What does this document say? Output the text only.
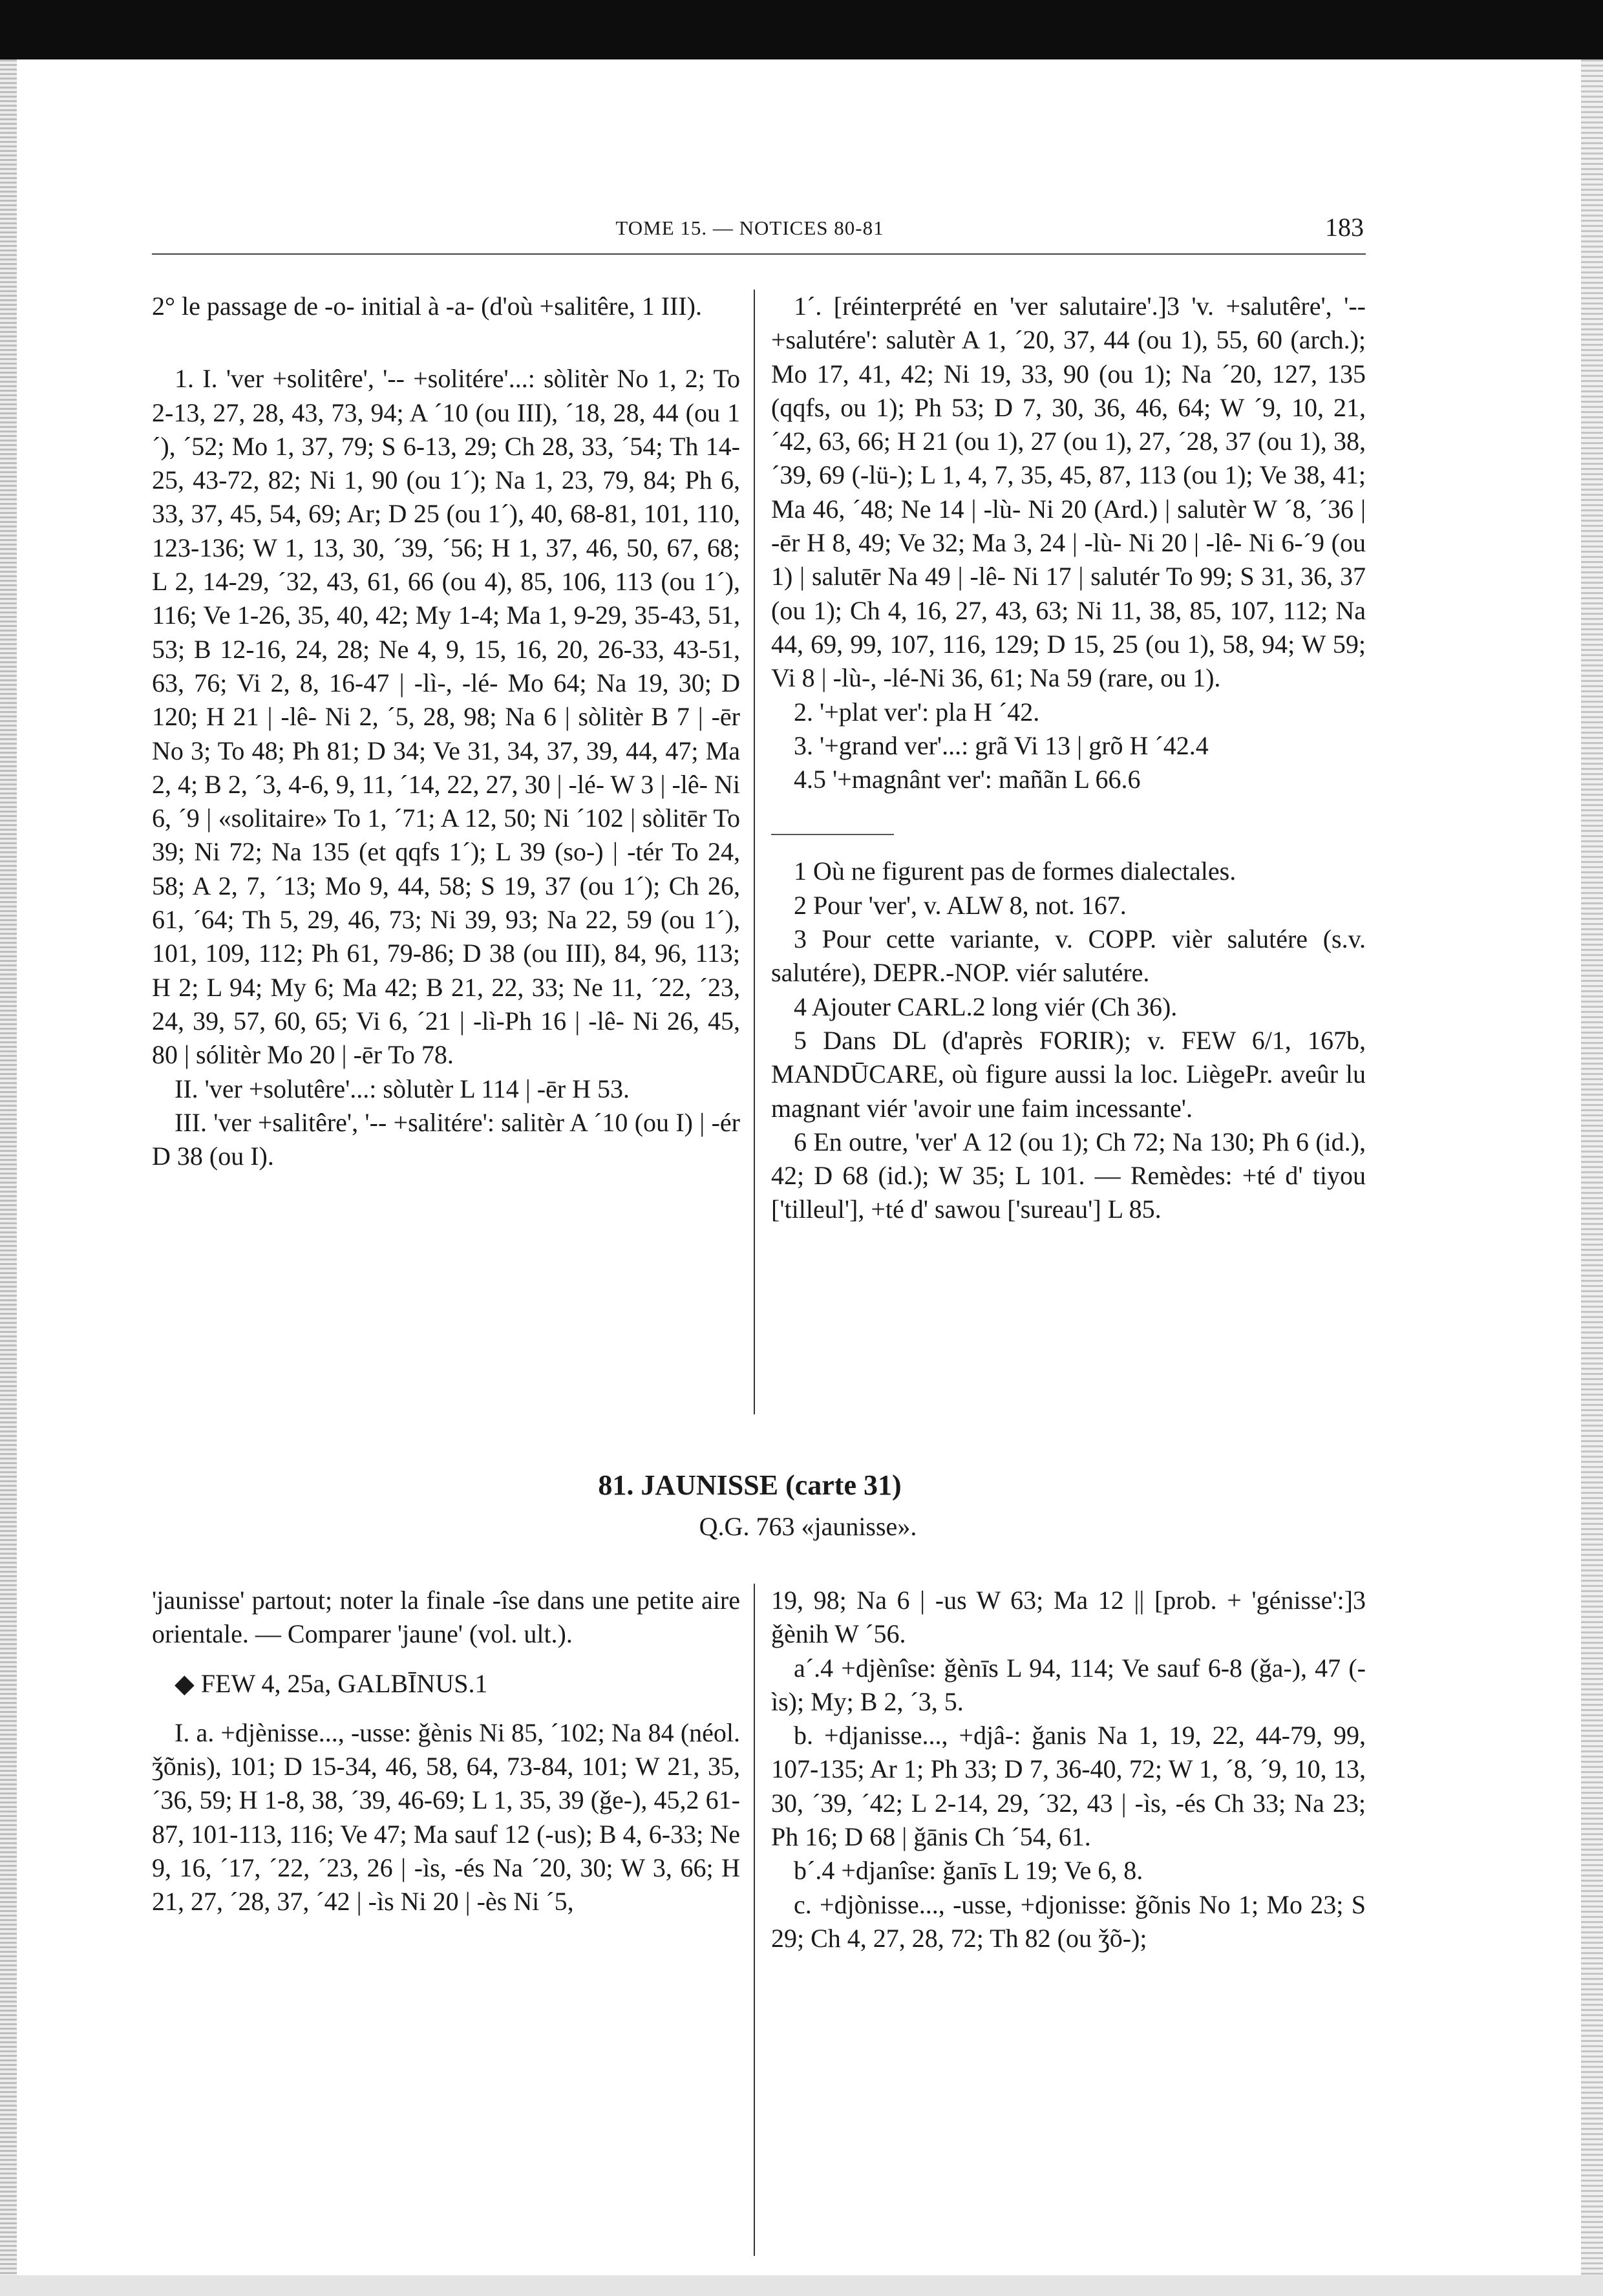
TOME 15. — NOTICES 80-81	183

2° le passage de -o- initial à -a- (d'où +salitêre, 1 III).

1. I. 'ver +solitêre', '-- +solitére'...: sòlitèr No 1, 2; To 2-13, 27, 28, 43, 73, 94; A ´10 (ou III), ´18, 28, 44 (ou 1´), ´52; Mo 1, 37, 79; S 6-13, 29; Ch 28, 33, ´54; Th 14-25, 43-72, 82; Ni 1, 90 (ou 1´); Na 1, 23, 79, 84; Ph 6, 33, 37, 45, 54, 69; Ar; D 25 (ou 1´), 40, 68-81, 101, 110, 123-136; W 1, 13, 30, ´39, ´56; H 1, 37, 46, 50, 67, 68; L 2, 14-29, ´32, 43, 61, 66 (ou 4), 85, 106, 113 (ou 1´), 116; Ve 1-26, 35, 40, 42; My 1-4; Ma 1, 9-29, 35-43, 51, 53; B 12-16, 24, 28; Ne 4, 9, 15, 16, 20, 26-33, 43-51, 63, 76; Vi 2, 8, 16-47 | -lì-, -lé- Mo 64; Na 19, 30; D 120; H 21 | -lê- Ni 2, ´5, 28, 98; Na 6 | sòlitèr B 7 | -ēr No 3; To 48; Ph 81; D 34; Ve 31, 34, 37, 39, 44, 47; Ma 2, 4; B 2, ´3, 4-6, 9, 11, ´14, 22, 27, 30 | -lé- W 3 | -lê- Ni 6, ´9 | «solitaire» To 1, ´71; A 12, 50; Ni ´102 | sòlitēr To 39; Ni 72; Na 135 (et qqfs 1´); L 39 (so-) | -tér To 24, 58; A 2, 7, ´13; Mo 9, 44, 58; S 19, 37 (ou 1´); Ch 26, 61, ´64; Th 5, 29, 46, 73; Ni 39, 93; Na 22, 59 (ou 1´), 101, 109, 112; Ph 61, 79-86; D 38 (ou III), 84, 96, 113; H 2; L 94; My 6; Ma 42; B 21, 22, 33; Ne 11, ´22, ´23, 24, 39, 57, 60, 65; Vi 6, ´21 | -lì-Ph 16 | -lê- Ni 26, 45, 80 | sólitèr Mo 20 | -ēr To 78.

II. 'ver +solutêre'...: sòlutèr L 114 | -ēr H 53.

III. 'ver +salitêre', '-- +salitére': salitèr A ´10 (ou I) | -ér D 38 (ou I).

1´. [réinterprété en 'ver salutaire'.]3 'v. +salutêre', '-- +salutére': salutèr A 1, ´20, 37, 44 (ou 1), 55, 60 (arch.); Mo 17, 41, 42; Ni 19, 33, 90 (ou 1); Na ´20, 127, 135 (qqfs, ou 1); Ph 53; D 7, 30, 36, 46, 64; W ´9, 10, 21, ´42, 63, 66; H 21 (ou 1), 27 (ou 1), 27, ´28, 37 (ou 1), 38, ´39, 69 (-lü-); L 1, 4, 7, 35, 45, 87, 113 (ou 1); Ve 38, 41; Ma 46, ´48; Ne 14 | -lù- Ni 20 (Ard.) | salutèr W ´8, ´36 | -ēr H 8, 49; Ve 32; Ma 3, 24 | -lù- Ni 20 | -lê- Ni 6-´9 (ou 1) | salutēr Na 49 | -lê- Ni 17 | salutér To 99; S 31, 36, 37 (ou 1); Ch 4, 16, 27, 43, 63; Ni 11, 38, 85, 107, 112; Na 44, 69, 99, 107, 116, 129; D 15, 25 (ou 1), 58, 94; W 59; Vi 8 | -lù-, -lé-Ni 36, 61; Na 59 (rare, ou 1).

2. '+plat ver': pla H ´42.

3. '+grand ver'...: grã Vi 13 | grõ H ´42.4

4.5 '+magnânt ver': mañãn L 66.6

1 Où ne figurent pas de formes dialectales.

2 Pour 'ver', v. ALW 8, not. 167.

3 Pour cette variante, v. COPP. vièr salutére (s.v. salutére), DEPR.-NOP. viér salutére.

4 Ajouter CARL.2 long viér (Ch 36).

5 Dans DL (d'après FORIR); v. FEW 6/1, 167b, MANDŪCARE, où figure aussi la loc. LiègePr. aveûr lu magnant viér 'avoir une faim incessante'.

6 En outre, 'ver' A 12 (ou 1); Ch 72; Na 130; Ph 6 (id.), 42; D 68 (id.); W 35; L 101. — Remèdes: +té d' tiyou ['tilleul'], +té d' sawou ['sureau'] L 85.

81. JAUNISSE (carte 31)
Q.G. 763 «jaunisse».

'jaunisse' partout; noter la finale -îse dans une petite aire orientale. — Comparer 'jaune' (vol. ult.).

◆ FEW 4, 25a, GALBĪNUS.1

I. a. +djènisse..., -usse: ǧènis Ni 85, ´102; Na 84 (néol. ǯõnis), 101; D 15-34, 46, 58, 64, 73-84, 101; W 21, 35, ´36, 59; H 1-8, 38, ´39, 46-69; L 1, 35, 39 (ǧe-), 45,2 61-87, 101-113, 116; Ve 47; Ma sauf 12 (-us); B 4, 6-33; Ne 9, 16, ´17, ´22, ´23, 26 | -ìs, -és Na ´20, 30; W 3, 66; H 21, 27, ´28, 37, ´42 | -ìs Ni 20 | -ès Ni ´5,

19, 98; Na 6 | -us W 63; Ma 12 || [prob. + 'génisse':]3 ǧènih W ´56.

a´.4 +djènîse: ǧènīs L 94, 114; Ve sauf 6-8 (ǧa-), 47 (-ìs); My; B 2, ´3, 5.

b. +djanisse..., +djâ-: ǧanis Na 1, 19, 22, 44-79, 99, 107-135; Ar 1; Ph 33; D 7, 36-40, 72; W 1, ´8, ´9, 10, 13, 30, ´39, ´42; L 2-14, 29, ´32, 43 | -ìs, -és Ch 33; Na 23; Ph 16; D 68 | ǧānis Ch ´54, 61.

b´.4 +djanîse: ǧanīs L 19; Ve 6, 8.

c. +djònisse..., -usse, +djonisse: ǧõnis No 1; Mo 23; S 29; Ch 4, 27, 28, 72; Th 82 (ou ǯõ-);
